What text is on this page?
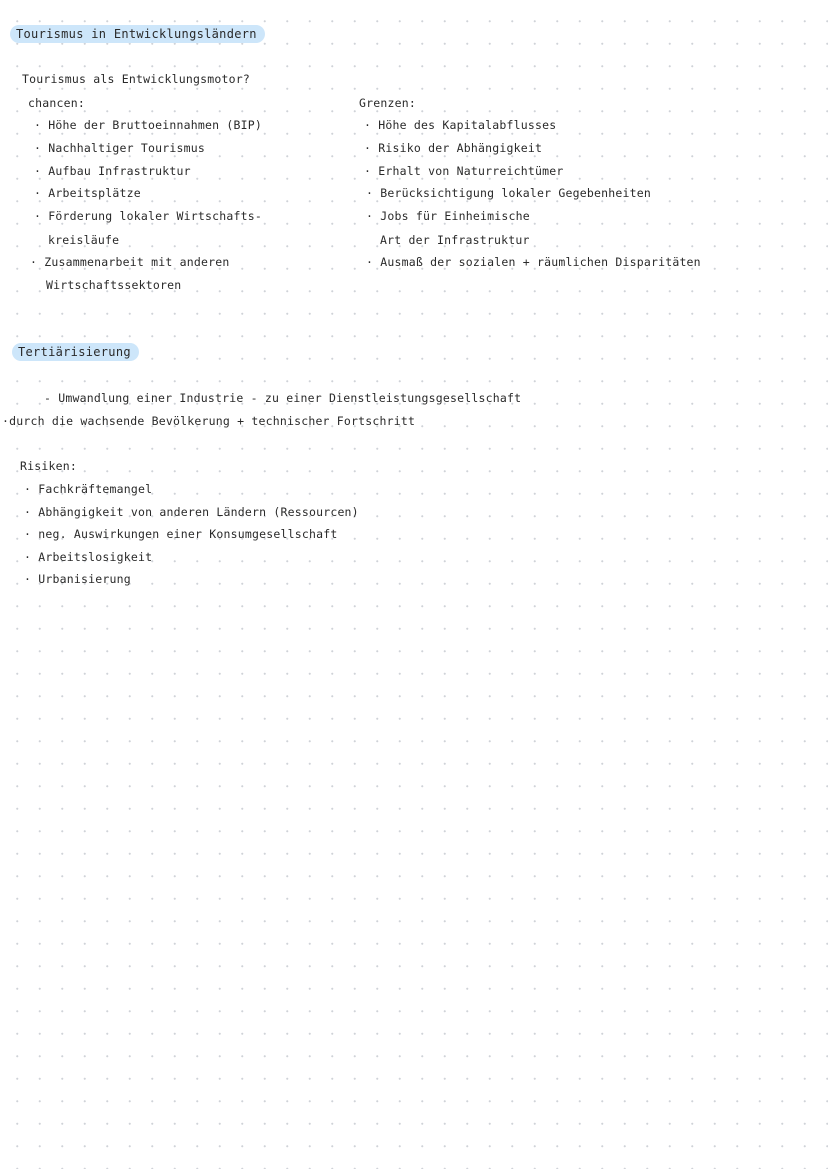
Tourismus in Entwicklungsländern
Tourismus als Entwicklungsmotor?
chancen:
· Höhe der Bruttoeinnahmen (BIP)
· Nachhaltiger Tourismus
· Aufbau Infrastruktur
· Arbeitsplätze
· Förderung lokaler Wirtschafts-
kreisläufe
· Zusammenarbeit mit anderen
Wirtschaftssektoren
Grenzen:
· Höhe des Kapitalabflusses
· Risiko der Abhängigkeit
· Erhalt von Naturreichtümer
· Berücksichtigung lokaler Gegebenheiten
· Jobs für Einheimische
Art der Infrastruktur
· Ausmaß der sozialen + räumlichen Disparitäten
Tertiärisierung
- Umwandlung einer Industrie - zu einer Dienstleistungsgesellschaft
·durch die wachsende Bevölkerung + technischer Fortschritt
Risiken:
· Fachkräftemangel
· Abhängigkeit von anderen Ländern (Ressourcen)
· neg. Auswirkungen einer Konsumgesellschaft
· Arbeitslosigkeit
· Urbanisierung
